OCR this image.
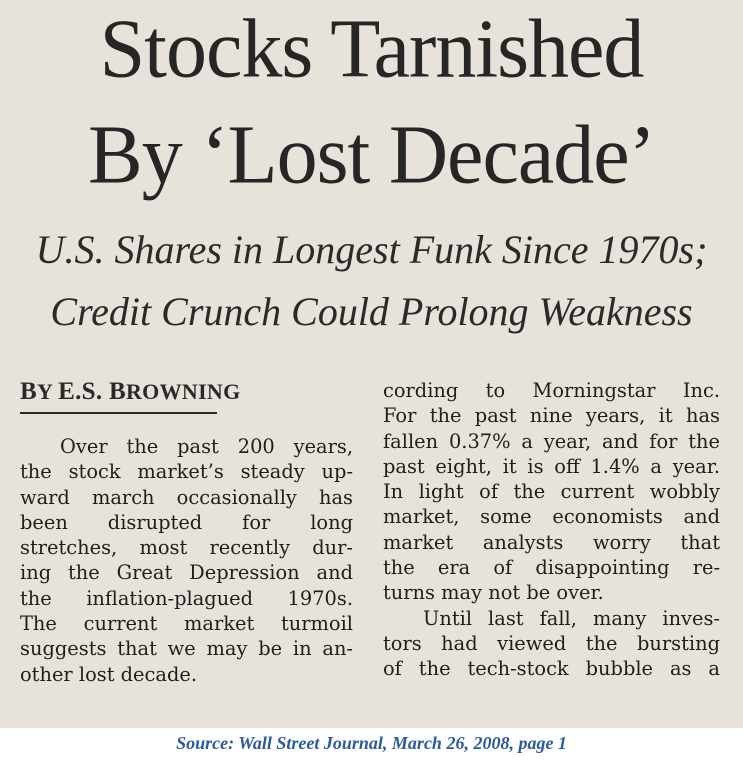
Stocks Tarnished
By ‘Lost Decade’
U.S. Shares in Longest Funk Since 1970s;
Credit Crunch Could Prolong Weakness
BY E.S. BROWNING
Over the past 200 years,
the stock market’s steady up-
ward march occasionally has
been disrupted for long
stretches, most recently dur-
ing the Great Depression and
the inflation-plagued 1970s.
The current market turmoil
suggests that we may be in an-
other lost decade.
cording to Morningstar Inc.
For the past nine years, it has
fallen 0.37% a year, and for the
past eight, it is off 1.4% a year.
In light of the current wobbly
market, some economists and
market analysts worry that
the era of disappointing re-
turns may not be over.
Until last fall, many inves-
tors had viewed the bursting
of the tech-stock bubble as a
Source: Wall Street Journal, March 26, 2008, page 1
